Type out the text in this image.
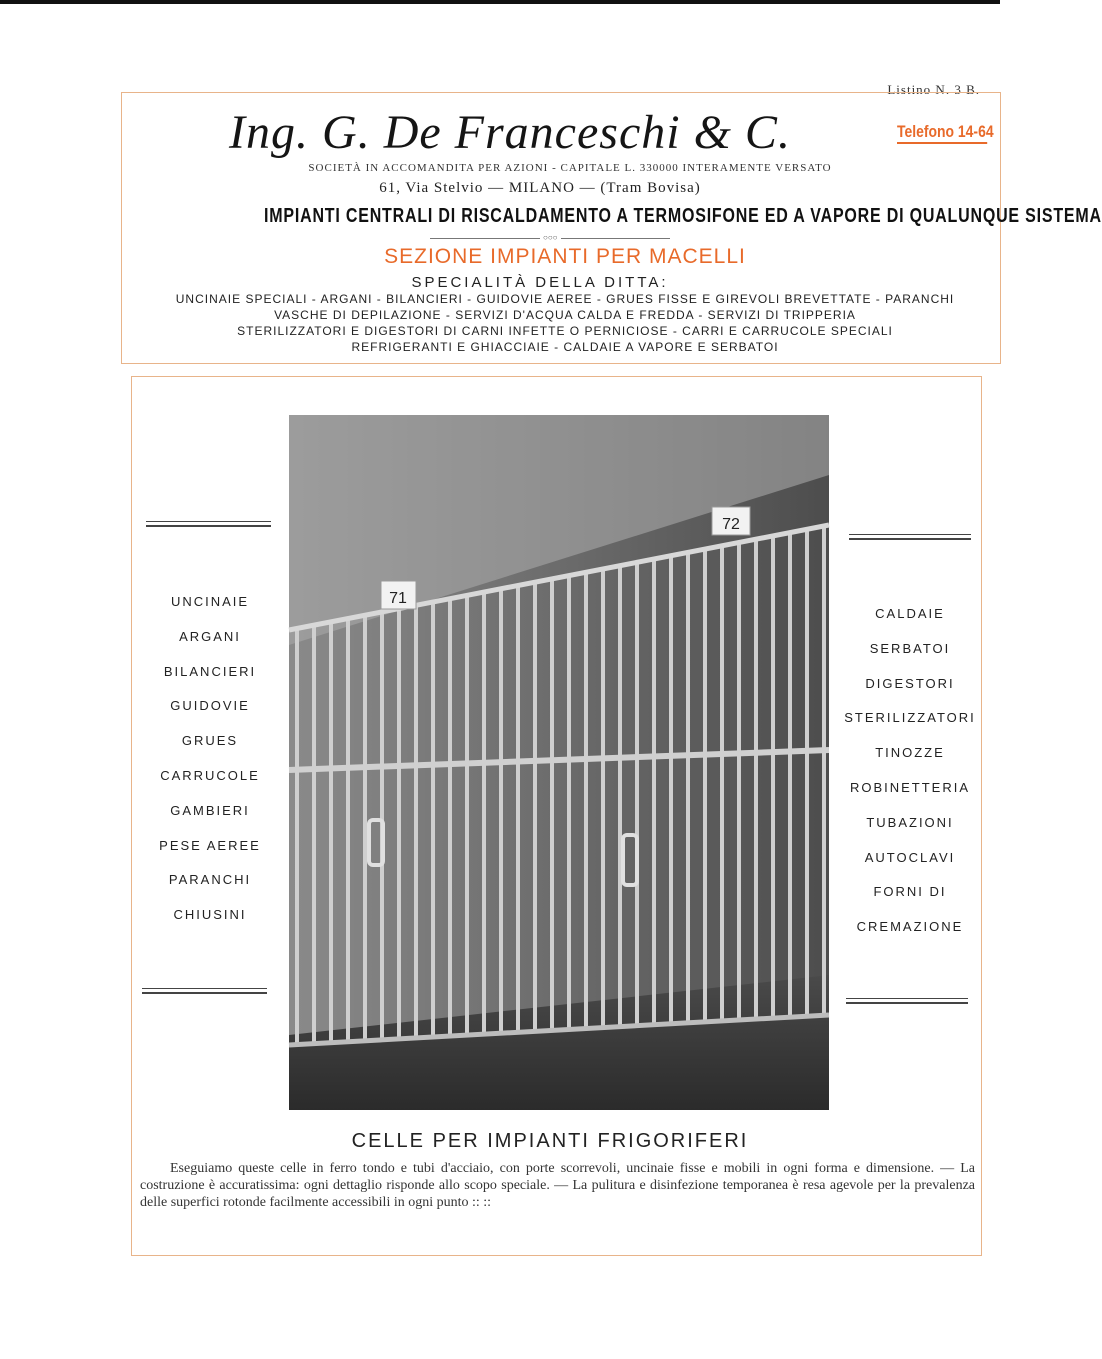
Listino N. 3 B.
Ing. G. De Franceschi & C.	Telefono 14-64
SOCIETÀ IN ACCOMANDITA PER AZIONI - CAPITALE L. 330000 INTERAMENTE VERSATO
61, Via Stelvio — MILANO — (Tram Bovisa)
IMPIANTI CENTRALI DI RISCALDAMENTO A TERMOSIFONE ED A VAPORE DI QUALUNQUE SISTEMA
○○○
SEZIONE IMPIANTI PER MACELLI
SPECIALITÀ DELLA DITTA:
UNCINAIE SPECIALI - ARGANI - BILANCIERI - GUIDOVIE AEREE - GRUES FISSE E GIREVOLI BREVETTATE - PARANCHI
VASCHE DI DEPILAZIONE - SERVIZI D'ACQUA CALDA E FREDDA - SERVIZI DI TRIPPERIA
STERILIZZATORI E DIGESTORI DI CARNI INFETTE O PERNICIOSE - CARRI E CARRUCOLE SPECIALI
REFRIGERANTI E GHIACCIAIE - CALDAIE A VAPORE E SERBATOI
UNCINAIE
ARGANI
BILANCIERI
GUIDOVIE
GRUES
CARRUCOLE
GAMBIERI
PESE AEREE
PARANCHI
CHIUSINI
CALDAIE
SERBATOI
DIGESTORI
STERILIZZATORI
TINOZZE
ROBINETTERIA
TUBAZIONI
AUTOCLAVI
FORNI DI
CREMAZIONE
71
72
CELLE PER IMPIANTI FRIGORIFERI
Eseguiamo queste celle in ferro tondo e tubi d'acciaio, con porte scorrevoli, uncinaie fisse e mobili in ogni forma e dimensione. — La costruzione è accuratissima: ogni dettaglio risponde allo scopo speciale. — La pulitura e disinfezione temporanea è resa agevole per la prevalenza delle superfici rotonde facilmente accessibili in ogni punto :: ::
